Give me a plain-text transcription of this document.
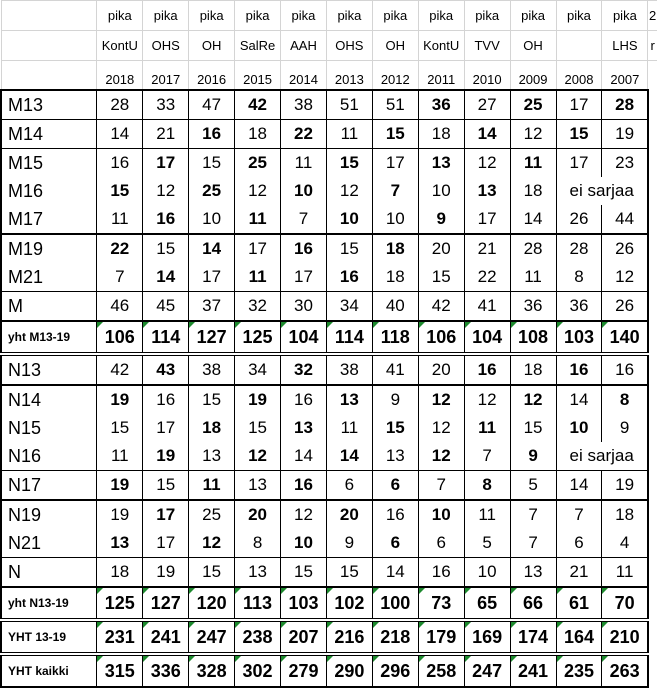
	pika	pika	pika	pika	pika	pika	pika	pika	pika	pika	pika	pika	2
	KontU	OHS	OH	SalRe	AAH	OHS	OH	KontU	TVV	OH		LHS	r
	2018	2017	2016	2015	2014	2013	2012	2011	2010	2009	2008	2007	
M13	28	33	47	42	38	51	51	36	27	25	17	28	
M14	14	21	16	18	22	11	15	18	14	12	15	19	
M15	16	17	15	25	11	15	17	13	12	11	17	23	
M16	15	12	25	12	10	12	7	10	13	18	ei sarjaa		
M17	11	16	10	11	7	10	10	9	17	14	26	44	
M19	22	15	14	17	16	15	18	20	21	28	28	26	
M21	7	14	17	11	17	16	18	15	22	11	8	12	
M	46	45	37	32	30	34	40	42	41	36	36	26	
yht M13-19	106	114	127	125	104	114	118	106	104	108	103	140	
N13	42	43	38	34	32	38	41	20	16	18	16	16	
N14	19	16	15	19	16	13	9	12	12	12	14	8	
N15	15	17	18	15	13	11	15	12	11	15	10	9	
N16	11	19	13	12	14	14	13	12	7	9	ei sarjaa		
N17	19	15	11	13	16	6	6	7	8	5	14	19	
N19	19	17	25	20	12	20	16	10	11	7	7	18	
N21	13	17	12	8	10	9	6	6	5	7	6	4	
N	18	19	15	13	15	15	14	16	10	13	21	11	
yht N13-19	125	127	120	113	103	102	100	73	65	66	61	70	
YHT 13-19	231	241	247	238	207	216	218	179	169	174	164	210	
YHT kaikki	315	336	328	302	279	290	296	258	247	241	235	263	
